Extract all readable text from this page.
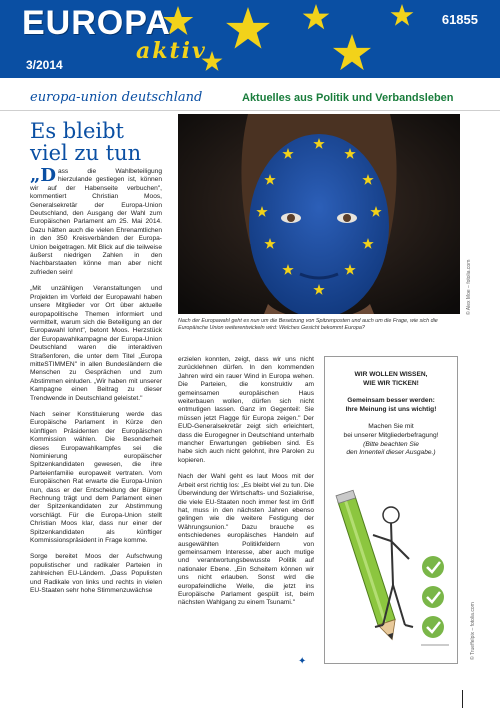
EUROPA
aktiv
3/2014
61855
europa-union deutschland	Aktuelles aus Politik und Verbandsleben
Es bleibt
viel zu tun
© Alex Moe – fotolia.com
Nach der Europawahl geht es nun um die Besetzung von Spitzenposten und auch um die Frage, wie sich die Europäische Union weiterentwickeln wird: Welches Gesicht bekommt Europa?

„Dass die Wahlbeteiligung hierzulande gestiegen ist, können wir auf der Habenseite verbuchen", kommentiert Christian Moos, Generalsekretär der Europa-Union Deutschland, den Ausgang der Wahl zum Europäischen Parlament am 25. Mai 2014. Dazu hätten auch die vielen Ehrenamtlichen in den 350 Kreisverbänden der Europa-Union beigetragen. Mit Blick auf die teilweise äußerst niedrigen Zahlen in den Nachbarstaaten könne man aber nicht zufrieden sein!

„Mit unzähligen Veranstaltungen und Projekten im Vorfeld der Europawahl haben unsere Mitglieder vor Ort über aktuelle europapolitische Themen informiert und vermittelt, warum sich die Beteiligung an der Europawahl lohnt", betont Moos. Herzstück der Europawahlkampagne der Europa-Union Deutschland waren die interaktiven Straßenforen, die unter dem Titel „Europa mitteSTIMMEN" in allen Bundesländern die Menschen zu Gesprächen und zum Abstimmen einluden. „Wir haben mit unserer Kampagne einen Beitrag zu dieser Trendwende in Deutschland geleistet."

Nach seiner Konstituierung werde das Europäische Parlament in Kürze den künftigen Präsidenten der Europäischen Kommission wählen. Die Besonderheit dieses Europawahlkampfes sei die Nominierung europäischer Spitzenkandidaten gewesen, die ihre Parteienfamilie europaweit vertraten. Vom Europäischen Rat erwarte die Europa-Union nun, dass er der Entscheidung der Bürger Rechnung trägt und dem Parlament einen der Spitzenkandidaten zur Abstimmung vorschlägt. Für die Europa-Union stellt Christian Moos klar, dass nur einer der Spitzenkandidaten als künftiger Kommissionspräsident in Frage komme.

Sorge bereitet Moos der Aufschwung populistischer und radikaler Parteien in zahlreichen EU-Ländern. „Dass Populisten und Radikale von links und rechts in vielen EU-Staaten sehr hohe Stimmenzuwächse

erzielen konnten, zeigt, dass wir uns nicht zurücklehnen dürfen. In den kommenden Jahren wird ein rauer Wind in Europa wehen. Die Parteien, die konstruktiv am gemeinsamen europäischen Haus weiterbauen wollen, dürfen sich nicht entmutigen lassen. Ganz im Gegenteil: Sie müssen jetzt Flagge für Europa zeigen." Der EUD-Generalsekretär zeigt sich erleichtert, dass die Eurogegner in Deutschland unterhalb mancher Erwartungen geblieben sind. Es habe sich auch nicht gelohnt, ihre Parolen zu kopieren.

Nach der Wahl geht es laut Moos mit der Arbeit erst richtig los: „Es bleibt viel zu tun. Die Überwindung der Wirtschafts- und Sozialkrise, die viele EU-Staaten noch immer fest im Griff hat, muss in den nächsten Jahren ebenso gelingen wie die weitere Festigung der Währungsunion." Dazu brauche es entschiedenes europäisches Handeln auf ausgewählten Politikfeldern von gemeinsamem Interesse, aber auch mutige und verantwortungsbewusste Politik auf nationaler Ebene. „Ein Scheitern können wir uns nicht erlauben. Sonst wird die europafeindliche Welle, die jetzt ins Europäische Parlament gespült ist, beim nächsten Wahlgang zu einem Tsunami."

✦
WIR WOLLEN WISSEN,
WIE WIR TICKEN!
Gemeinsam besser werden:
Ihre Meinung ist uns wichtig!
Machen Sie mit
bei unserer Mitgliederbefragung!
(Bitte beachten Sie
den Innenteil dieser Ausgabe.)
© Trueffelpix – fotolia.com
